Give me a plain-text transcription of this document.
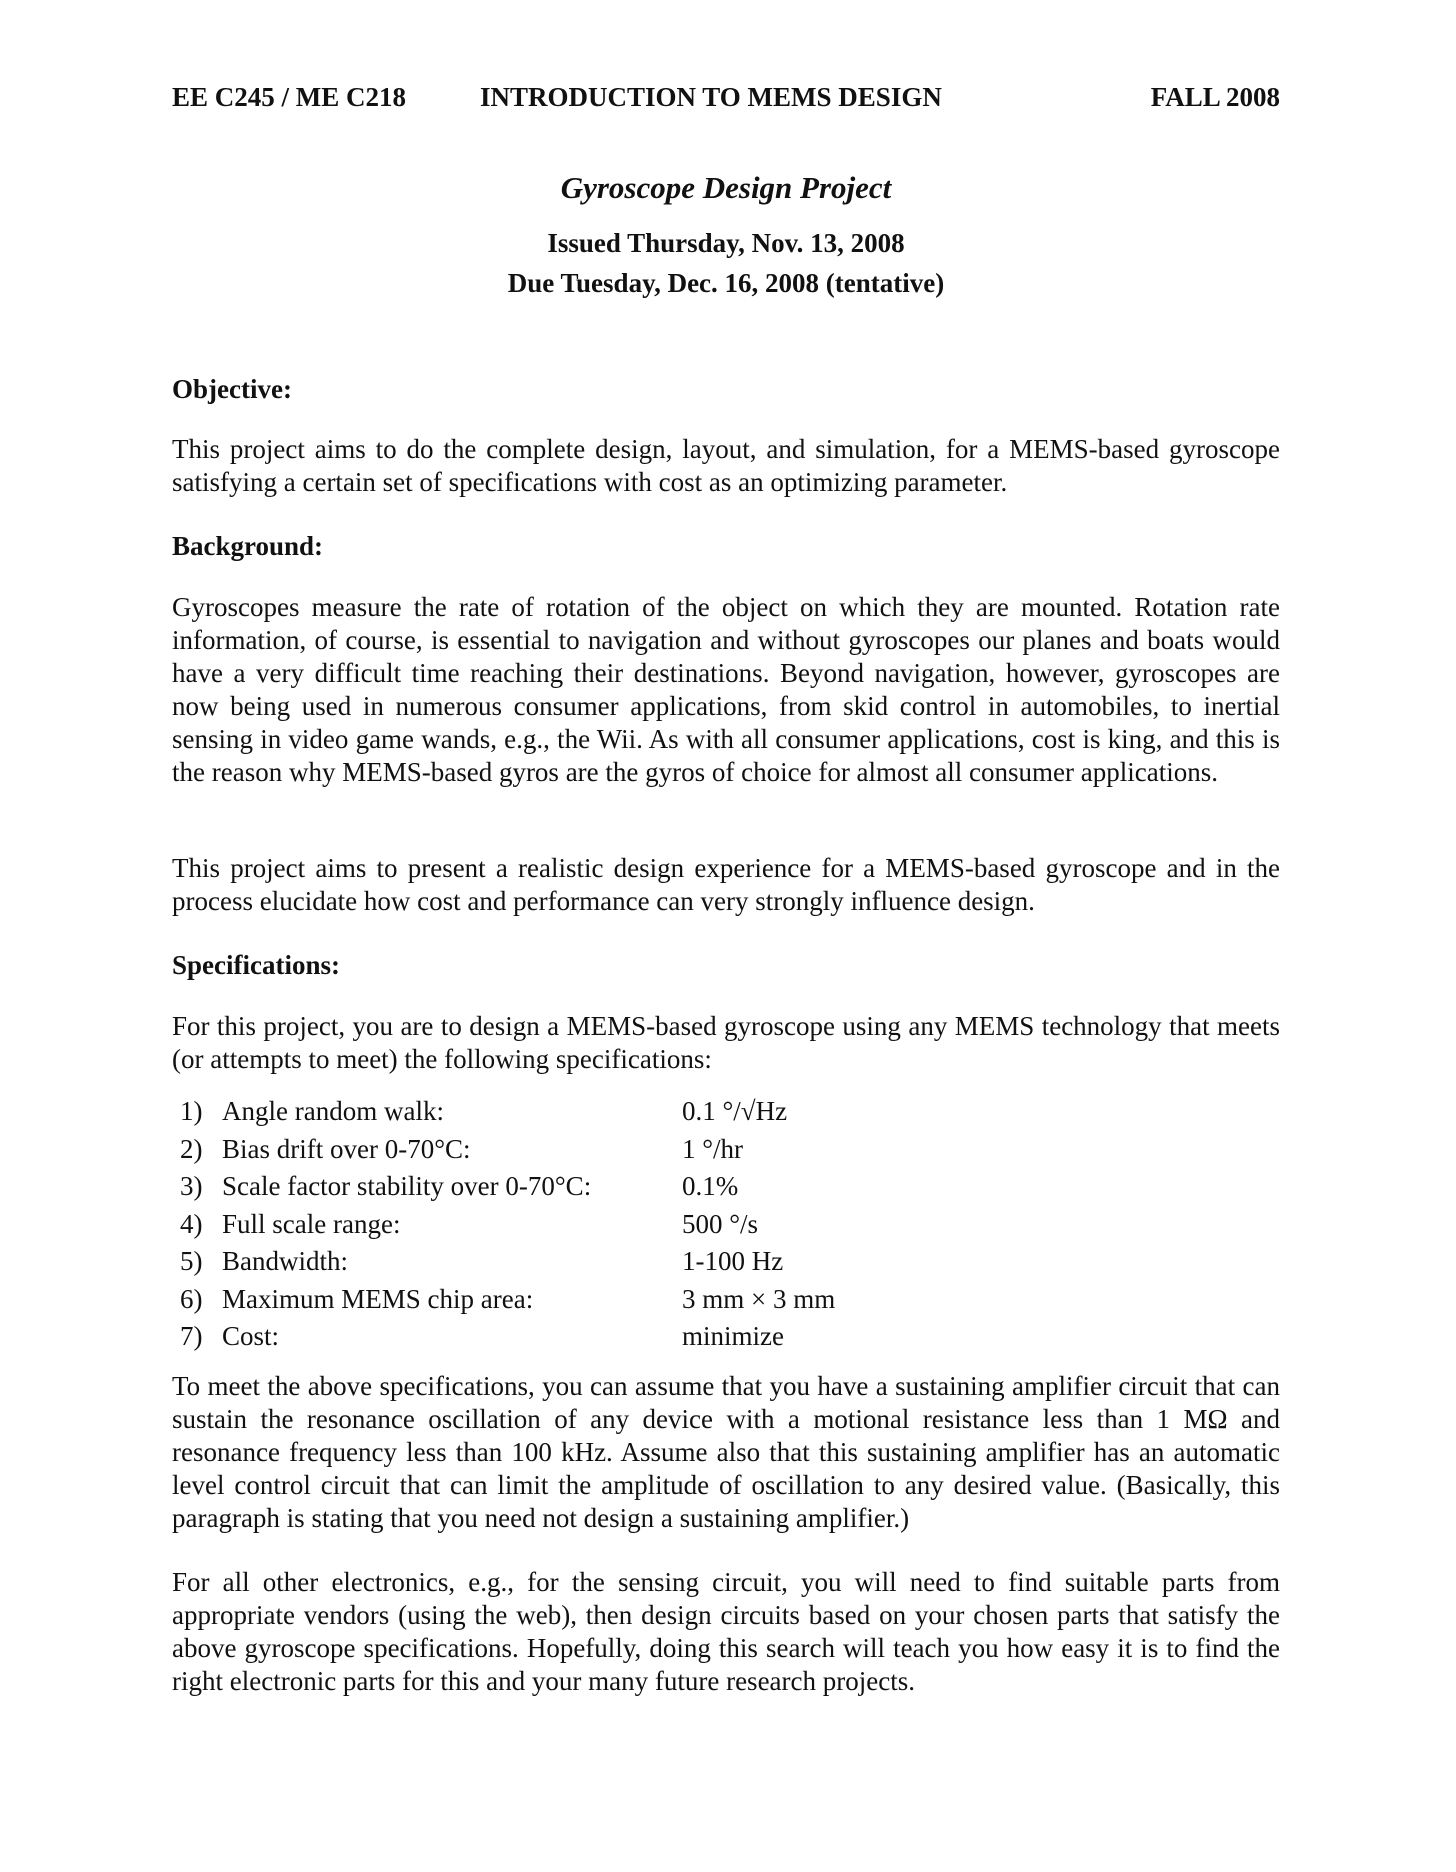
EE C245 / ME C218	INTRODUCTION TO MEMS DESIGN	FALL 2008
Gyroscope Design Project
Issued Thursday, Nov. 13, 2008
Due Tuesday, Dec. 16, 2008 (tentative)
Objective:
This project aims to do the complete design, layout, and simulation, for a MEMS-based gyroscope satisfying a certain set of specifications with cost as an optimizing parameter.
Background:
Gyroscopes measure the rate of rotation of the object on which they are mounted. Rotation rate information, of course, is essential to navigation and without gyroscopes our planes and boats would have a very difficult time reaching their destinations. Beyond navigation, however, gyroscopes are now being used in numerous consumer applications, from skid control in automobiles, to inertial sensing in video game wands, e.g., the Wii. As with all consumer applications, cost is king, and this is the reason why MEMS-based gyros are the gyros of choice for almost all consumer applications.
This project aims to present a realistic design experience for a MEMS-based gyroscope and in the process elucidate how cost and performance can very strongly influence design.
Specifications:
For this project, you are to design a MEMS-based gyroscope using any MEMS technology that meets (or attempts to meet) the following specifications:
1) Angle random walk:	0.1 °/√Hz
2) Bias drift over 0-70°C:	1 °/hr
3) Scale factor stability over 0-70°C:	0.1%
4) Full scale range:	500 °/s
5) Bandwidth:	1-100 Hz
6) Maximum MEMS chip area:	3 mm × 3 mm
7) Cost:	minimize
To meet the above specifications, you can assume that you have a sustaining amplifier circuit that can sustain the resonance oscillation of any device with a motional resistance less than 1 MΩ and resonance frequency less than 100 kHz. Assume also that this sustaining amplifier has an automatic level control circuit that can limit the amplitude of oscillation to any desired value. (Basically, this paragraph is stating that you need not design a sustaining amplifier.)
For all other electronics, e.g., for the sensing circuit, you will need to find suitable parts from appropriate vendors (using the web), then design circuits based on your chosen parts that satisfy the above gyroscope specifications. Hopefully, doing this search will teach you how easy it is to find the right electronic parts for this and your many future research projects.
